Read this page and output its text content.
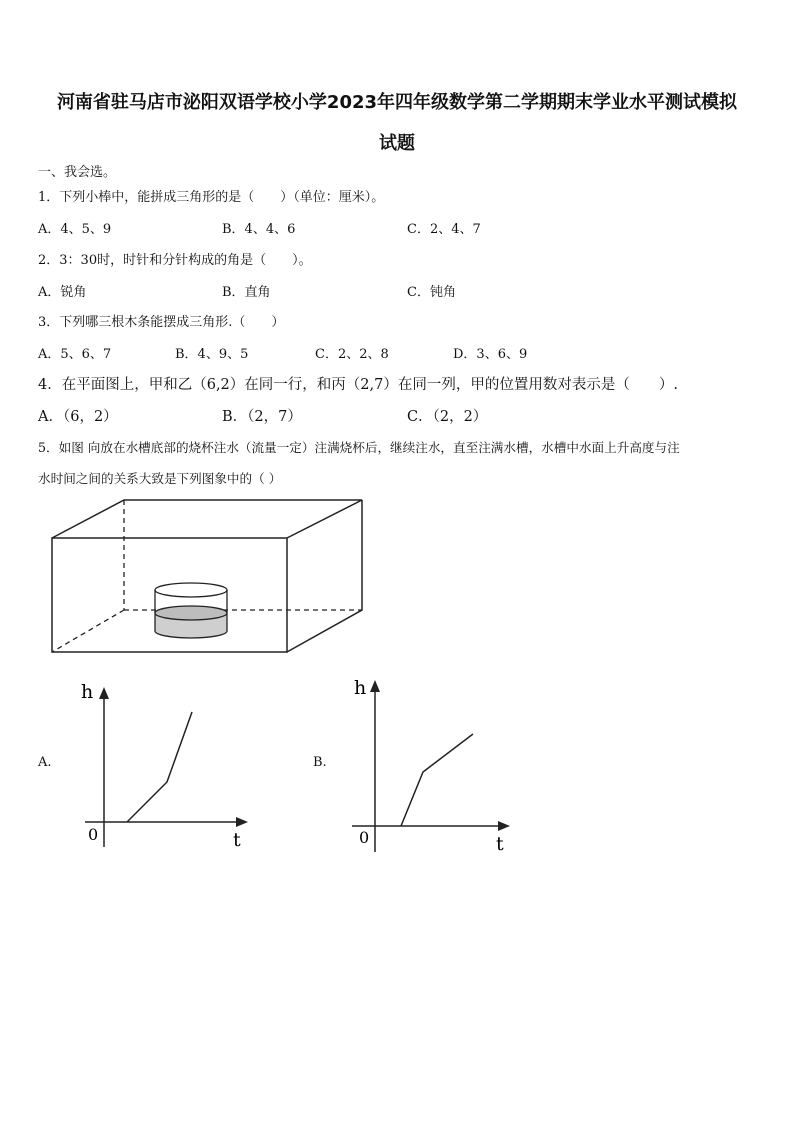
河南省驻马店市泌阳双语学校小学2023年四年级数学第二学期期末学业水平测试模拟
试题
一、我会选。
1．下列小棒中，能拼成三角形的是（　　）（单位：厘米）。
A．4、5、9	B．4、4、6	C．2、4、7
2．3：30时，时针和分针构成的角是（　　）。
A．锐角	B．直角	C．钝角
3．下列哪三根木条能摆成三角形.（　　）
A．5、6、7	B．4、9、5	C．2、2、8	D．3、6、9
4．在平面图上，甲和乙（6,2）在同一行，和丙（2,7）在同一列，甲的位置用数对表示是（　　）.
A．（6，2）	B．（2，7）	C．（2，2）
5．如图 向放在水槽底部的烧杯注水（流量一定）注满烧杯后，继续注水，直至注满水槽，水槽中水面上升高度与注
水时间之间的关系大致是下列图象中的（ ）
A.
h
t
0
B.
h
t
0
